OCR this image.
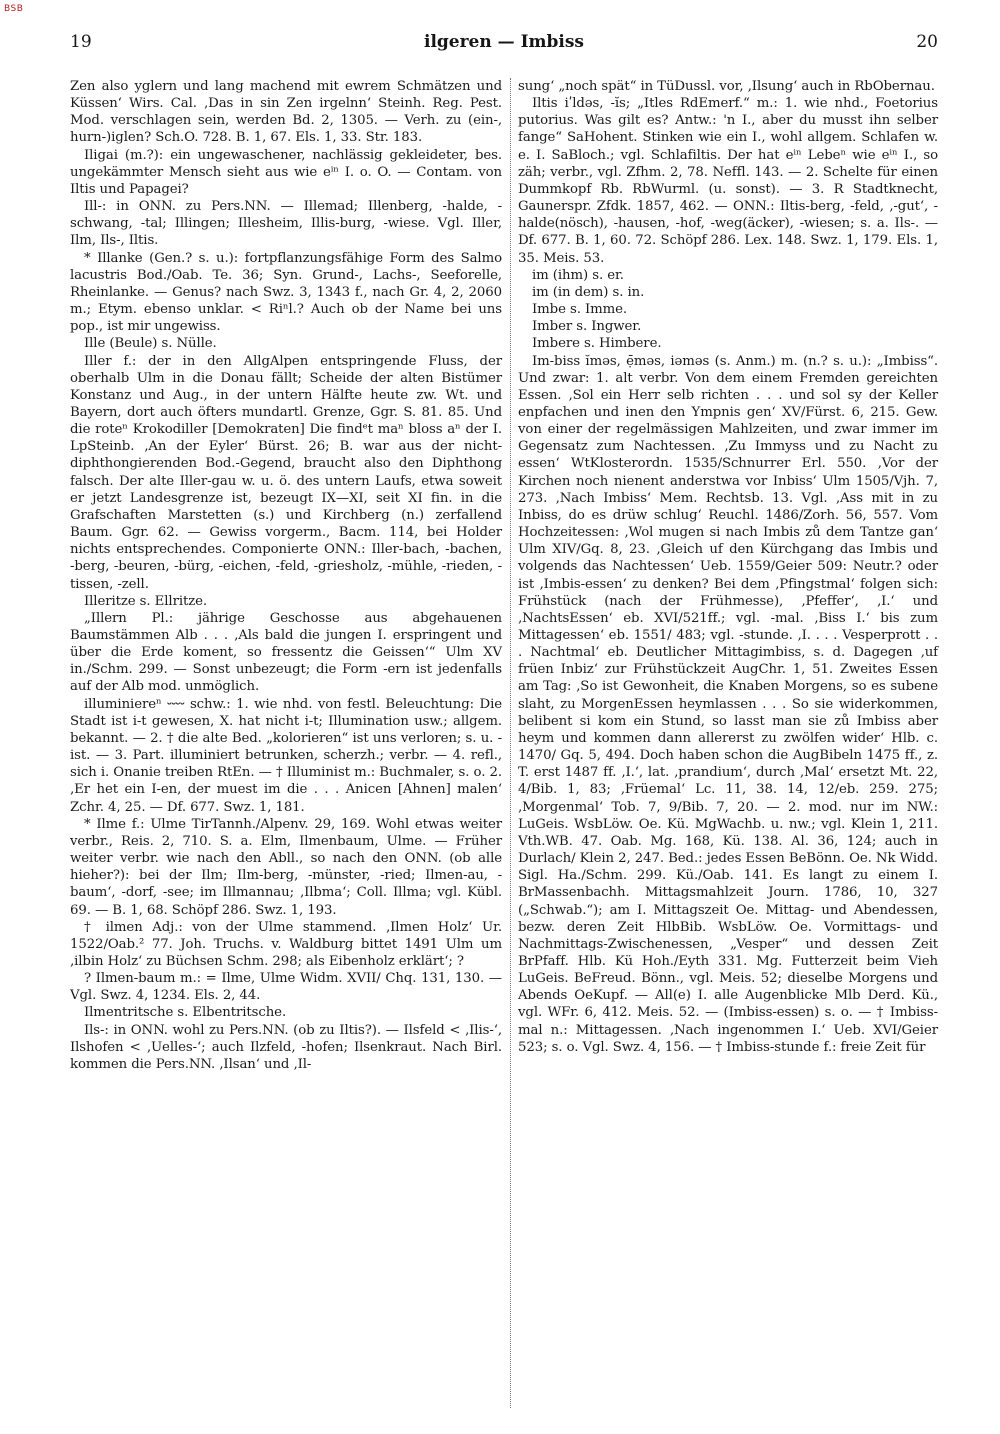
BSB
19	ilgeren — Imbiss	20

Zen also yglern und lang machend mit ewrem Schmätzen und Küssen‘ Wirs. Cal. ‚Das in sin Zen irgelnn‘ Steinh. Reg. Pest. Mod. verschlagen sein, werden Bd. 2, 1305. — Verh. zu (ein-, hurn-)iglen? Sch.O. 728. B. 1, 67. Els. 1, 33. Str. 183.

Iligai (m.?): ein ungewaschener, nachlässig gekleideter, bes. ungekämmter Mensch sieht aus wie eⁱⁿ I. o. O. — Contam. von Iltis und Papagei?

Ill-: in ONN. zu Pers.NN. — Illemad; Illenberg, -halde, -schwang, -tal; Illingen; Illesheim, Illis-burg, -wiese. Vgl. Iller, Ilm, Ils-, Iltis.

* Illanke (Gen.? s. u.): fortpflanzungsfähige Form des Salmo lacustris Bod./Oab. Te. 36; Syn. Grund-, Lachs-, Seeforelle, Rheinlanke. — Genus? nach Swz. 3, 1343 f., nach Gr. 4, 2, 2060 m.; Etym. ebenso unklar. < Riⁿl.? Auch ob der Name bei uns pop., ist mir ungewiss.

Ille (Beule) s. Nülle.

Iller f.: der in den AllgAlpen entspringende Fluss, der oberhalb Ulm in die Donau fällt; Scheide der alten Bistümer Konstanz und Aug., in der untern Hälfte heute zw. Wt. und Bayern, dort auch öfters mundartl. Grenze, Ggr. S. 81. 85. Und die roteⁿ Krokodiller [Demokraten] Die findᵉt maⁿ bloss aⁿ der I. LpSteinb. ‚An der Eyler‘ Bürst. 26; B. war aus der nicht-diphthongierenden Bod.-Gegend, braucht also den Diphthong falsch. Der alte Iller-gau w. u. ö. des untern Laufs, etwa soweit er jetzt Landesgrenze ist, bezeugt IX—XI, seit XI fin. in die Grafschaften Marstetten (s.) und Kirchberg (n.) zerfallend Baum. Ggr. 62. — Gewiss vorgerm., Bacm. 114, bei Holder nichts entsprechendes. Componierte ONN.: Iller-bach, -bachen, -berg, -beuren, -bürg, -eichen, -feld, -griesholz, -mühle, -rieden, -tissen, -zell.

Illeritze s. Ellritze.

„Illern Pl.: jährige Geschosse aus abgehauenen Baumstämmen Alb . . . ‚Als bald die jungen I. erspringent und über die Erde koment, so fressentz die Geissen‘“ Ulm XV in./Schm. 299. — Sonst unbezeugt; die Form -ern ist jedenfalls auf der Alb mod. unmöglich.

illuminiereⁿ ⏑⏑⏑⏑ schw.: 1. wie nhd. von festl. Beleuchtung: Die Stadt ist i-t gewesen, X. hat nicht i-t; Illumination usw.; allgem. bekannt. — 2. † die alte Bed. „kolorieren“ ist uns verloren; s. u. -ist. — 3. Part. illuminiert betrunken, scherzh.; verbr. — 4. refl., sich i. Onanie treiben RtEn. — † Illuminist m.: Buchmaler, s. o. 2. ‚Er het ein I-en, der muest im die . . . Anicen [Ahnen] malen‘ Zchr. 4, 25. — Df. 677. Swz. 1, 181.

* Ilme f.: Ulme TirTannh./Alpenv. 29, 169. Wohl etwas weiter verbr., Reis. 2, 710. S. a. Elm, Ilmenbaum, Ulme. — Früher weiter verbr. wie nach den Abll., so nach den ONN. (ob alle hieher?): bei der Ilm; Ilm-berg, -münster, -ried; Ilmen-au, -baum‘, -dorf, -see; im Illmannau; ‚Ilbma‘; Coll. Illma; vgl. Kübl. 69. — B. 1, 68. Schöpf 286. Swz. 1, 193.

† ilmen Adj.: von der Ulme stammend. ‚Ilmen Holz‘ Ur. 1522/Oab.² 77. Joh. Truchs. v. Waldburg bittet 1491 Ulm um ‚ilbin Holz‘ zu Büchsen Schm. 298; als Eibenholz erklärt‘; ?

? Ilmen-baum m.: = Ilme, Ulme Widm. XVII/ Chq. 131, 130. — Vgl. Swz. 4, 1234. Els. 2, 44.

Ilmentritsche s. Elbentritsche.

Ils-: in ONN. wohl zu Pers.NN. (ob zu Iltis?). — Ilsfeld < ‚Ilis-‘, Ilshofen < ‚Uelles-‘; auch Ilzfeld, -hofen; Ilsenkraut. Nach Birl. kommen die Pers.NN. ‚Ilsan‘ und ‚Il-

sung‘ „noch spät“ in TüDussl. vor, ‚Ilsung‘ auch in RbObernau.

Iltis iʹldəs, -ĭs; „Itles RdEmerf.“ m.: 1. wie nhd., Foetorius putorius. Was gilt es? Antw.: 'n I., aber du musst ihn selber fange“ SaHohent. Stinken wie ein I., wohl allgem. Schlafen w. e. I. SaBloch.; vgl. Schlafiltis. Der hat eⁱⁿ Lebeⁿ wie eⁱⁿ I., so zäh; verbr., vgl. Zfhm. 2, 78. Neffl. 143. — 2. Schelte für einen Dummkopf Rb. RbWurml. (u. sonst). — 3. R Stadtknecht, Gaunerspr. Zfdk. 1857, 462. — ONN.: Iltis-berg, -feld, ‚-gut‘, -halde(nösch), -hausen, -hof, -weg(äcker), -wiesen; s. a. Ils-. — Df. 677. B. 1, 60. 72. Schöpf 286. Lex. 148. Swz. 1, 179. Els. 1, 35. Meis. 53.

im (ihm) s. er.

im (in dem) s. in.

Imbe s. Imme.

Imber s. Ingwer.

Imbere s. Himbere.

Im-biss ĭməs, ẹ̄məs, iəməs (s. Anm.) m. (n.? s. u.): „Imbiss“. Und zwar: 1. alt verbr. Von dem einem Fremden gereichten Essen. ‚Sol ein Herr selb richten . . . und sol sy der Keller enpfachen und inen den Ympnis gen‘ XV/Fürst. 6, 215. Gew. von einer der regelmässigen Mahlzeiten, und zwar immer im Gegensatz zum Nachtessen. ‚Zu Immyss und zu Nacht zu essen‘ WtKlosterordn. 1535/Schnurrer Erl. 550. ‚Vor der Kirchen noch nienent anderstwa vor Inbiss‘ Ulm 1505/Vjh. 7, 273. ‚Nach Imbiss‘ Mem. Rechtsb. 13. Vgl. ‚Ass mit in zu Inbiss, do es drüw schlug‘ Reuchl. 1486/Zorh. 56, 557. Vom Hochzeitessen: ‚Wol mugen si nach Imbis zů dem Tantze gan‘ Ulm XIV/Gq. 8, 23. ‚Gleich uf den Kürchgang das Imbis und volgends das Nachtessen‘ Ueb. 1559/Geier 509: Neutr.? oder ist ‚Imbis-essen‘ zu denken? Bei dem ‚Pfingstmal‘ folgen sich: Frühstück (nach der Frühmesse), ‚Pfeffer‘, ‚I.‘ und ‚NachtsEssen‘ eb. XVI/521ff.; vgl. -mal. ‚Biss I.‘ bis zum Mittagessen‘ eb. 1551/ 483; vgl. -stunde. ‚I. . . . Vesperprott . . . Nachtmal‘ eb. Deutlicher Mittagimbiss, s. d. Dagegen ‚uf früen Inbiz‘ zur Frühstückzeit AugChr. 1, 51. Zweites Essen am Tag: ‚So ist Gewonheit, die Knaben Morgens, so es subene slaht, zu MorgenEssen heymlassen . . . So sie widerkommen, belibent si kom ein Stund, so lasst man sie zů Imbiss aber heym und kommen dann allererst zu zwölfen wider‘ Hlb. c. 1470/ Gq. 5, 494. Doch haben schon die AugBibeln 1475 ff., z. T. erst 1487 ff. ‚I.‘, lat. ‚prandium‘, durch ‚Mal‘ ersetzt Mt. 22, 4/Bib. 1, 83; ‚Früemal‘ Lc. 11, 38. 14, 12/eb. 259. 275; ‚Morgenmal‘ Tob. 7, 9/Bib. 7, 20. — 2. mod. nur im NW.: LuGeis. WsbLöw. Oe. Kü. MgWachb. u. nw.; vgl. Klein 1, 211. Vth.WB. 47. Oab. Mg. 168, Kü. 138. Al. 36, 124; auch in Durlach/ Klein 2, 247. Bed.: jedes Essen BeBönn. Oe. Nk Widd. Sigl. Ha./Schm. 299. Kü./Oab. 141. Es langt zu einem I. BrMassenbachh. Mittagsmahlzeit Journ. 1786, 10, 327 („Schwab.“); am I. Mittagszeit Oe. Mittag- und Abendessen, bezw. deren Zeit HlbBib. WsbLöw. Oe. Vormittags- und Nachmittags-Zwischenessen, „Vesper“ und dessen Zeit BrPfaff. Hlb. Kü Hoh./Eyth 331. Mg. Futterzeit beim Vieh LuGeis. BeFreud. Bönn., vgl. Meis. 52; dieselbe Morgens und Abends OeKupf. — All(e) I. alle Augenblicke Mlb Derd. Kü., vgl. WFr. 6, 412. Meis. 52. — (Imbiss-essen) s. o. — † Imbiss-mal n.: Mittagessen. ‚Nach ingenommen I.‘ Ueb. XVI/Geier 523; s. o. Vgl. Swz. 4, 156. — † Imbiss-stunde f.: freie Zeit für
